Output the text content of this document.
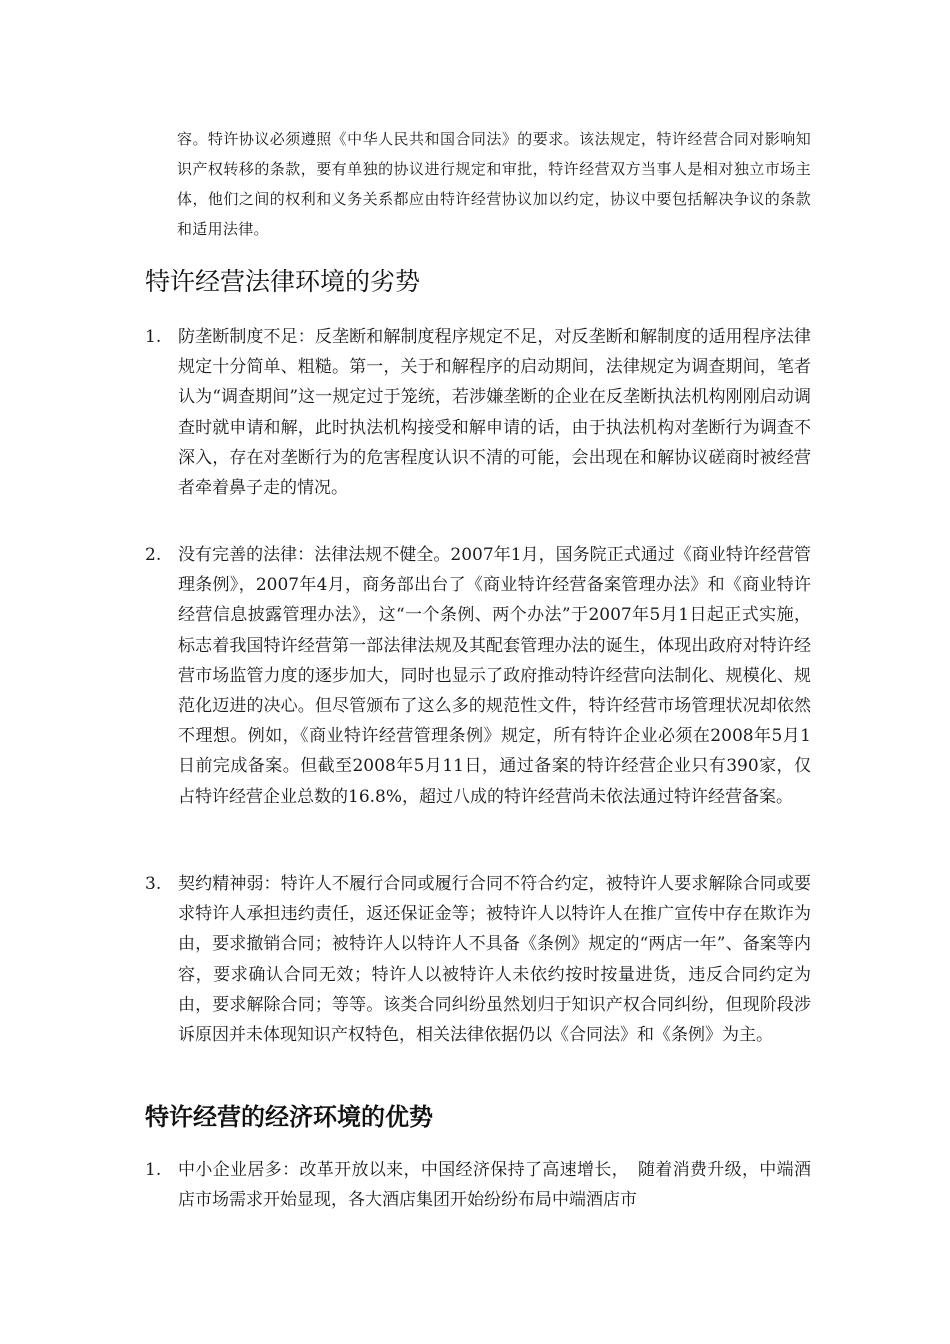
容。特许协议必须遵照《中华人民共和国合同法》的要求。该法规定，特许经营合同对影响知识产权转移的条款，要有单独的协议进行规定和审批，特许经营双方当事人是相对独立市场主体，他们之间的权利和义务关系都应由特许经营协议加以约定，协议中要包括解决争议的条款和适用法律。
特许经营法律环境的劣势
1. 防垄断制度不足：反垄断和解制度程序规定不足，对反垄断和解制度的适用程序法律规定十分简单、粗糙。第一，关于和解程序的启动期间，法律规定为调查期间，笔者认为“调查期间”这一规定过于笼统，若涉嫌垄断的企业在反垄断执法机构刚刚启动调查时就申请和解，此时执法机构接受和解申请的话，由于执法机构对垄断行为调查不深入，存在对垄断行为的危害程度认识不清的可能，会出现在和解协议磋商时被经营者牵着鼻子走的情况。
2. 没有完善的法律：法律法规不健全。2007年1月，国务院正式通过《商业特许经营管理条例》，2007年4月，商务部出台了《商业特许经营备案管理办法》和《商业特许经营信息披露管理办法》，这“一个条例、两个办法”于2007年5月1日起正式实施，标志着我国特许经营第一部法律法规及其配套管理办法的诞生，体现出政府对特许经营市场监管力度的逐步加大，同时也显示了政府推动特许经营向法制化、规模化、规范化迈进的决心。但尽管颁布了这么多的规范性文件，特许经营市场管理状况却依然不理想。例如，《商业特许经营管理条例》规定，所有特许企业必须在2008年5月1日前完成备案。但截至2008年5月11日，通过备案的特许经营企业只有390家，仅占特许经营企业总数的16.8%，超过八成的特许经营尚未依法通过特许经营备案。
3. 契约精神弱：特许人不履行合同或履行合同不符合约定，被特许人要求解除合同或要求特许人承担违约责任，返还保证金等；被特许人以特许人在推广宣传中存在欺诈为由，要求撤销合同；被特许人以特许人不具备《条例》规定的“两店一年”、备案等内容，要求确认合同无效；特许人以被特许人未依约按时按量进货，违反合同约定为由，要求解除合同；等等。该类合同纠纷虽然划归于知识产权合同纠纷，但现阶段涉诉原因并未体现知识产权特色，相关法律依据仍以《合同法》和《条例》为主。
特许经营的经济环境的优势
1. 中小企业居多：改革开放以来，中国经济保持了高速增长，　随着消费升级，中端酒店市场需求开始显现，各大酒店集团开始纷纷布局中端酒店市
